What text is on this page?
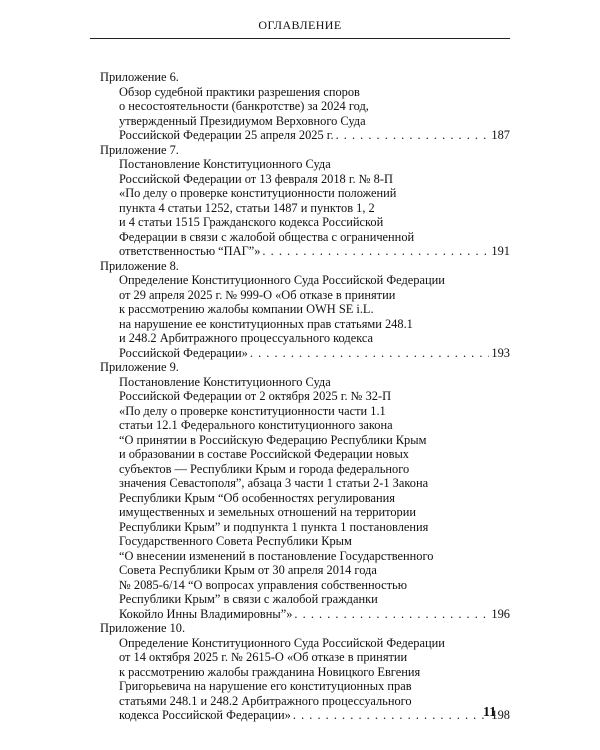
ОГЛАВЛЕНИЕ
Приложение 6.
Обзор судебной практики разрешения споров
о несостоятельности (банкротстве) за 2024 год,
утвержденный Президиумом Верховного Суда
Российской Федерации 25 апреля 2025 г. . . .	187
Приложение 7.
Постановление Конституционного Суда
Российской Федерации от 13 февраля 2018 г. № 8-П
«По делу о проверке конституционности положений
пункта 4 статьи 1252, статьи 1487 и пунктов 1, 2
и 4 статьи 1515 Гражданского кодекса Российской
Федерации в связи с жалобой общества с ограниченной
ответственностью “ПАГ”» . . .	191
Приложение 8.
Определение Конституционного Суда Российской Федерации
от 29 апреля 2025 г. № 999-О «Об отказе в принятии
к рассмотрению жалобы компании OWH SE i.L.
на нарушение ее конституционных прав статьями 248.1
и 248.2 Арбитражного процессуального кодекса
Российской Федерации» . . .	193
Приложение 9.
Постановление Конституционного Суда
Российской Федерации от 2 октября 2025 г. № 32-П
«По делу о проверке конституционности части 1.1
статьи 12.1 Федерального конституционного закона
“О принятии в Российскую Федерацию Республики Крым
и образовании в составе Российской Федерации новых
субъектов — Республики Крым и города федерального
значения Севастополя”, абзаца 3 части 1 статьи 2-1 Закона
Республики Крым “Об особенностях регулирования
имущественных и земельных отношений на территории
Республики Крым” и подпункта 1 пункта 1 постановления
Государственного Совета Республики Крым
“О внесении изменений в постановление Государственного
Совета Республики Крым от 30 апреля 2014 года
№ 2085-6/14 “О вопросах управления собственностью
Республики Крым” в связи с жалобой гражданки
Кокойло Инны Владимировны”» . . .	196
Приложение 10.
Определение Конституционного Суда Российской Федерации
от 14 октября 2025 г. № 2615-О «Об отказе в принятии
к рассмотрению жалобы гражданина Новицкого Евгения
Григорьевича на нарушение его конституционных прав
статьями 248.1 и 248.2 Арбитражного процессуального
кодекса Российской Федерации» . . .	198
11
